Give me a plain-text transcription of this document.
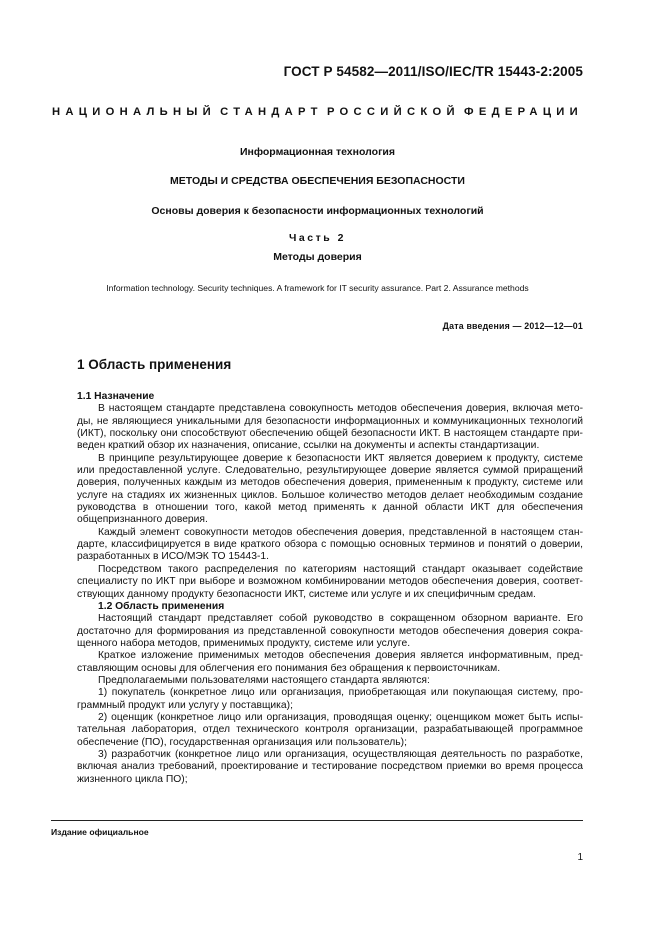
ГОСТ Р 54582—2011/ISO/IEC/TR 15443-2:2005
НАЦИОНАЛЬНЫЙ СТАНДАРТ РОССИЙСКОЙ ФЕДЕРАЦИИ
Информационная технология
МЕТОДЫ И СРЕДСТВА ОБЕСПЕЧЕНИЯ БЕЗОПАСНОСТИ
Основы доверия к безопасности информационных технологий
Часть 2
Методы доверия
Information technology. Security techniques. A framework for IT security assurance. Part 2. Assurance methods
Дата введения — 2012—12—01
1 Область применения
1.1 Назначение
В настоящем стандарте представлена совокупность методов обеспечения доверия, включая мето-
ды, не являющиеся уникальными для безопасности информационных и коммуникационных технологий
(ИКТ), поскольку они способствуют обеспечению общей безопасности ИКТ. В настоящем стандарте при-
веден краткий обзор их назначения, описание, ссылки на документы и аспекты стандартизации.
В принципе результирующее доверие к безопасности ИКТ является доверием к продукту, системе
или предоставленной услуге. Следовательно, результирующее доверие является суммой приращений
доверия, полученных каждым из методов обеспечения доверия, примененным к продукту, системе или
услуге на стадиях их жизненных циклов. Большое количество методов делает необходимым создание
руководства в отношении того, какой метод применять к данной области ИКТ для обеспечения
общепризнанного доверия.
Каждый элемент совокупности методов обеспечения доверия, представленной в настоящем стан-
дарте, классифицируется в виде краткого обзора с помощью основных терминов и понятий о доверии,
разработанных в ИСО/МЭК ТО 15443-1.
Посредством такого распределения по категориям настоящий стандарт оказывает содействие
специалисту по ИКТ при выборе и возможном комбинировании методов обеспечения доверия, соответ-
ствующих данному продукту безопасности ИКТ, системе или услуге и их специфичным средам.
1.2 Область применения
Настоящий стандарт представляет собой руководство в сокращенном обзорном варианте. Его
достаточно для формирования из представленной совокупности методов обеспечения доверия сокра-
щенного набора методов, применимых продукту, системе или услуге.
Краткое изложение применимых методов обеспечения доверия является информативным, пред-
ставляющим основы для облегчения его понимания без обращения к первоисточникам.
Предполагаемыми пользователями настоящего стандарта являются:
1) покупатель (конкретное лицо или организация, приобретающая или покупающая систему, про-
граммный продукт или услугу у поставщика);
2) оценщик (конкретное лицо или организация, проводящая оценку; оценщиком может быть испы-
тательная лаборатория, отдел технического контроля организации, разрабатывающей программное
обеспечение (ПО), государственная организация или пользователь);
3) разработчик (конкретное лицо или организация, осуществляющая деятельность по разработке,
включая анализ требований, проектирование и тестирование посредством приемки во время процесса
жизненного цикла ПО);
Издание официальное
1
